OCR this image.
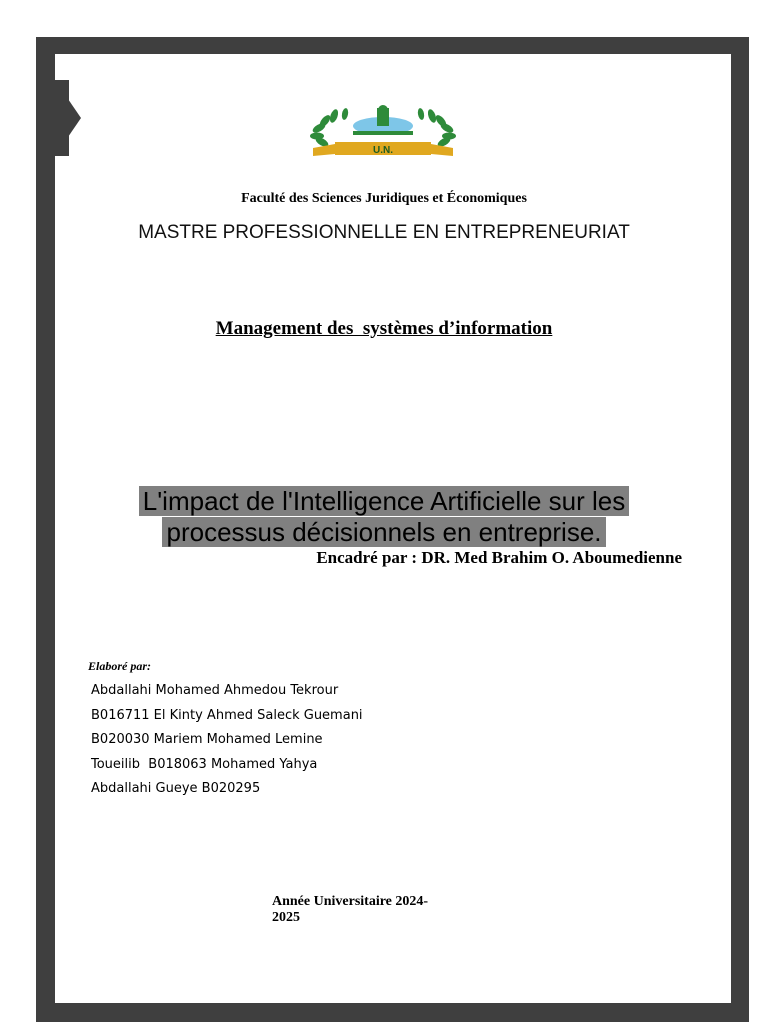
U.N.
Faculté des Sciences Juridiques et Économiques
MASTRE PROFESSIONNELLE EN ENTREPRENEURIAT
Management des  systèmes d’information
L'impact de l'Intelligence Artificielle sur les
processus décisionnels en entreprise.
Encadré par : DR. Med Brahim O. Aboumedienne
Elaboré par:
Abdallahi Mohamed Ahmedou Tekrour
B016711 El Kinty Ahmed Saleck Guemani
B020030 Mariem Mohamed Lemine
Toueilib  B018063 Mohamed Yahya
Abdallahi Gueye B020295
Année Universitaire 2024-
2025
